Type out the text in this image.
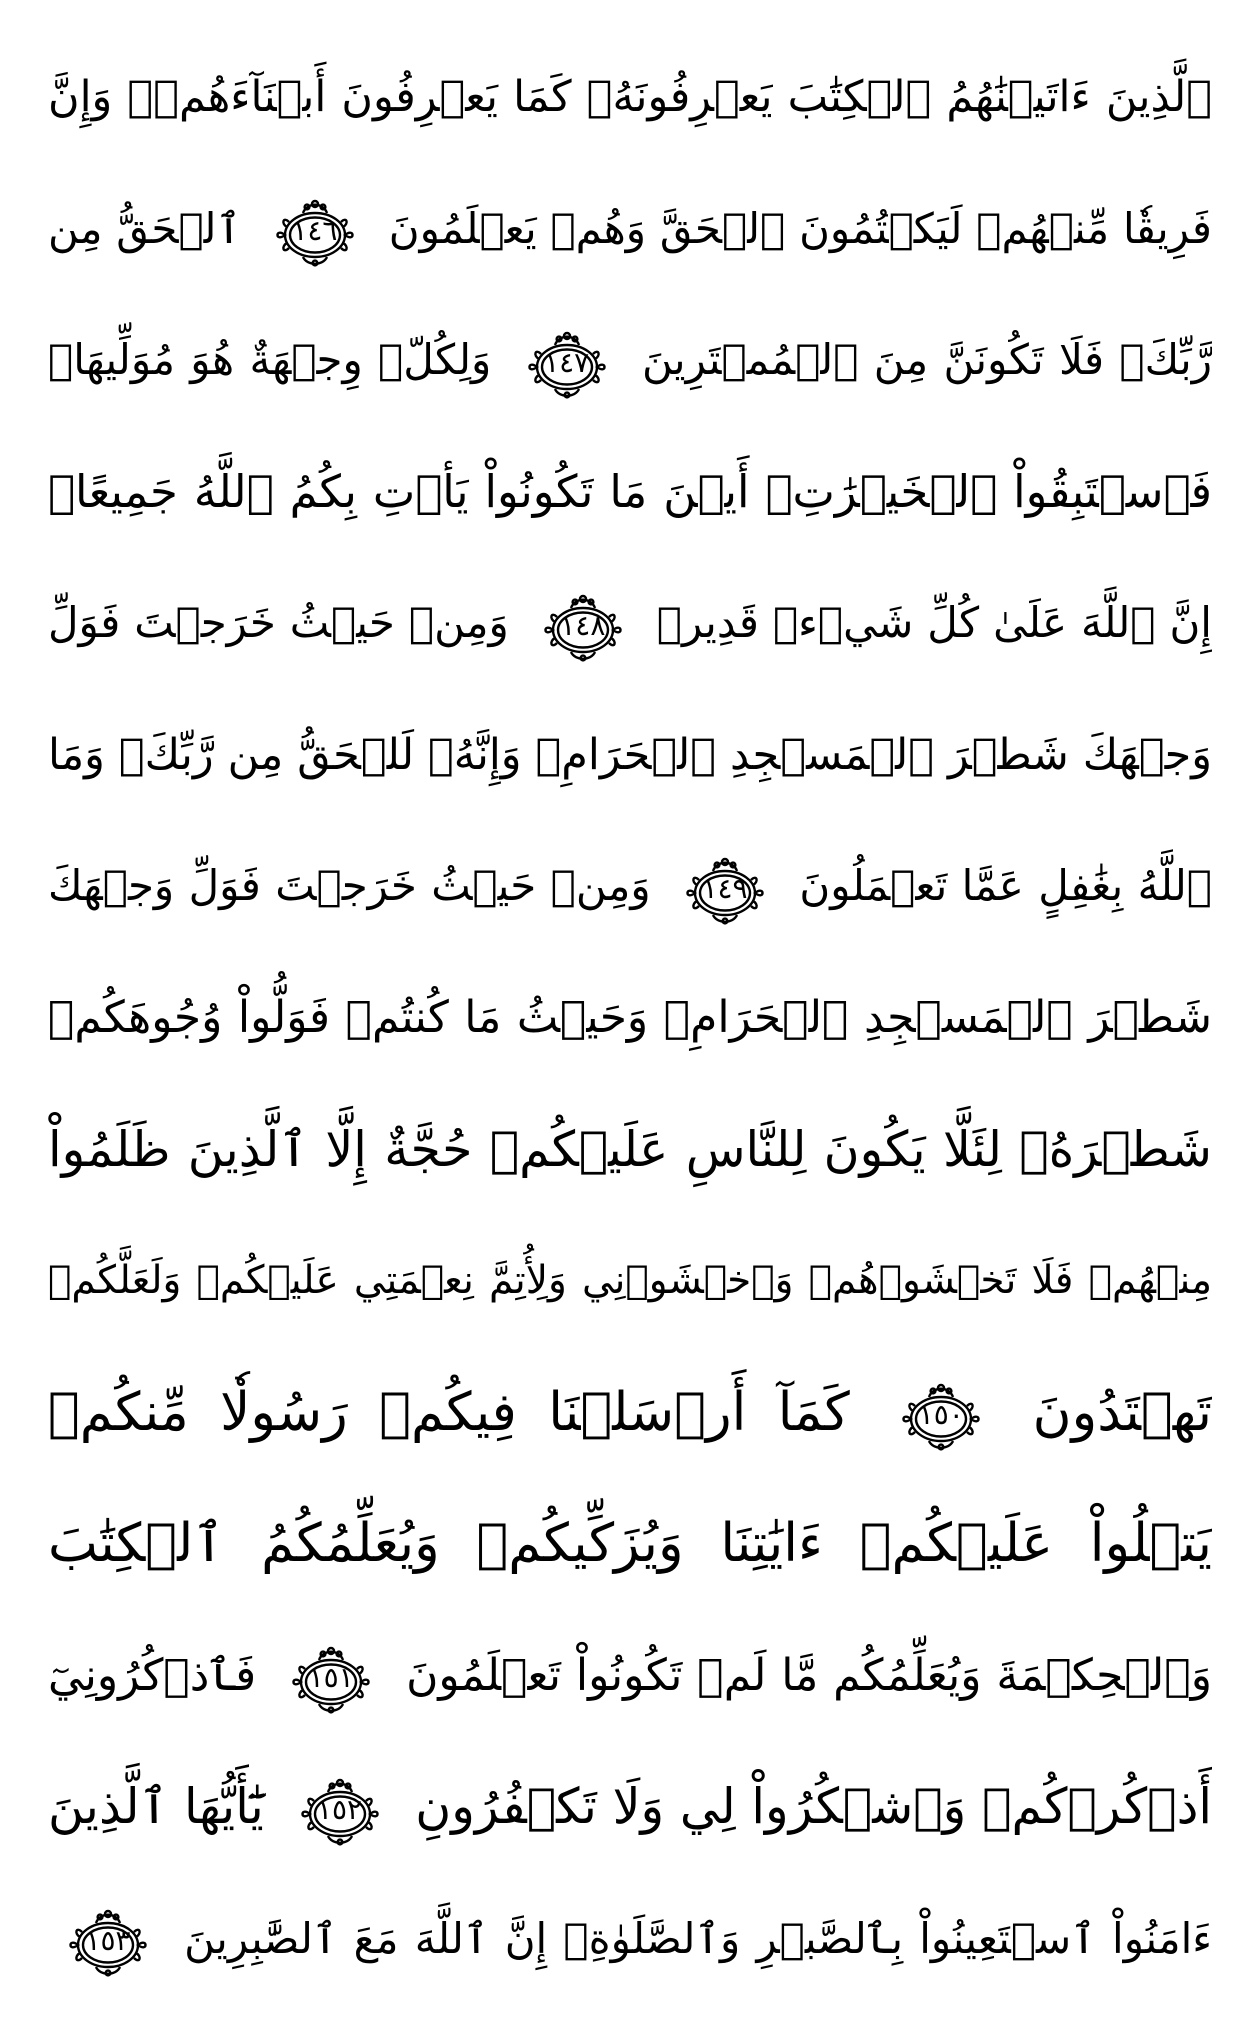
ٱلَّذِينَ ءَاتَيۡنَٰهُمُ ٱلۡكِتَٰبَ يَعۡرِفُونَهُۥ كَمَا يَعۡرِفُونَ أَبۡنَآءَهُمۡۖ وَإِنَّ
فَرِيقٗا مِّنۡهُمۡ لَيَكۡتُمُونَ ٱلۡحَقَّ وَهُمۡ يَعۡلَمُونَ
١٤٦
ٱلۡحَقُّ مِن
رَّبِّكَۖ فَلَا تَكُونَنَّ مِنَ ٱلۡمُمۡتَرِينَ
١٤٧
وَلِكُلّٖ وِجۡهَةٌ هُوَ مُوَلِّيهَاۖ
فَٱسۡتَبِقُواْ ٱلۡخَيۡرَٰتِۚ أَيۡنَ مَا تَكُونُواْ يَأۡتِ بِكُمُ ٱللَّهُ جَمِيعًاۚ
إِنَّ ٱللَّهَ عَلَىٰ كُلِّ شَيۡءٖ قَدِيرٞ
١٤٨
وَمِنۡ حَيۡثُ خَرَجۡتَ فَوَلِّ
وَجۡهَكَ شَطۡرَ ٱلۡمَسۡجِدِ ٱلۡحَرَامِۖ وَإِنَّهُۥ لَلۡحَقُّ مِن رَّبِّكَۗ وَمَا
ٱللَّهُ بِغَٰفِلٍ عَمَّا تَعۡمَلُونَ
١٤٩
وَمِنۡ حَيۡثُ خَرَجۡتَ فَوَلِّ وَجۡهَكَ
شَطۡرَ ٱلۡمَسۡجِدِ ٱلۡحَرَامِۚ وَحَيۡثُ مَا كُنتُمۡ فَوَلُّواْ وُجُوهَكُمۡ
شَطۡرَهُۥ لِئَلَّا يَكُونَ لِلنَّاسِ عَلَيۡكُمۡ حُجَّةٌ إِلَّا ٱلَّذِينَ ظَلَمُواْ
مِنۡهُمۡ فَلَا تَخۡشَوۡهُمۡ وَٱخۡشَوۡنِي وَلِأُتِمَّ نِعۡمَتِي عَلَيۡكُمۡ وَلَعَلَّكُمۡ
تَهۡتَدُونَ
١٥٠
كَمَآ أَرۡسَلۡنَا فِيكُمۡ رَسُولٗا مِّنكُمۡ
يَتۡلُواْ عَلَيۡكُمۡ ءَايَٰتِنَا وَيُزَكِّيكُمۡ وَيُعَلِّمُكُمُ ٱلۡكِتَٰبَ
وَٱلۡحِكۡمَةَ وَيُعَلِّمُكُم مَّا لَمۡ تَكُونُواْ تَعۡلَمُونَ
١٥١
فَٱذۡكُرُونِيٓ
أَذۡكُرۡكُمۡ وَٱشۡكُرُواْ لِي وَلَا تَكۡفُرُونِ
١٥٢
يَٰٓأَيُّهَا ٱلَّذِينَ
ءَامَنُواْ ٱسۡتَعِينُواْ بِٱلصَّبۡرِ وَٱلصَّلَوٰةِۚ إِنَّ ٱللَّهَ مَعَ ٱلصَّٰبِرِينَ
١٥٣
